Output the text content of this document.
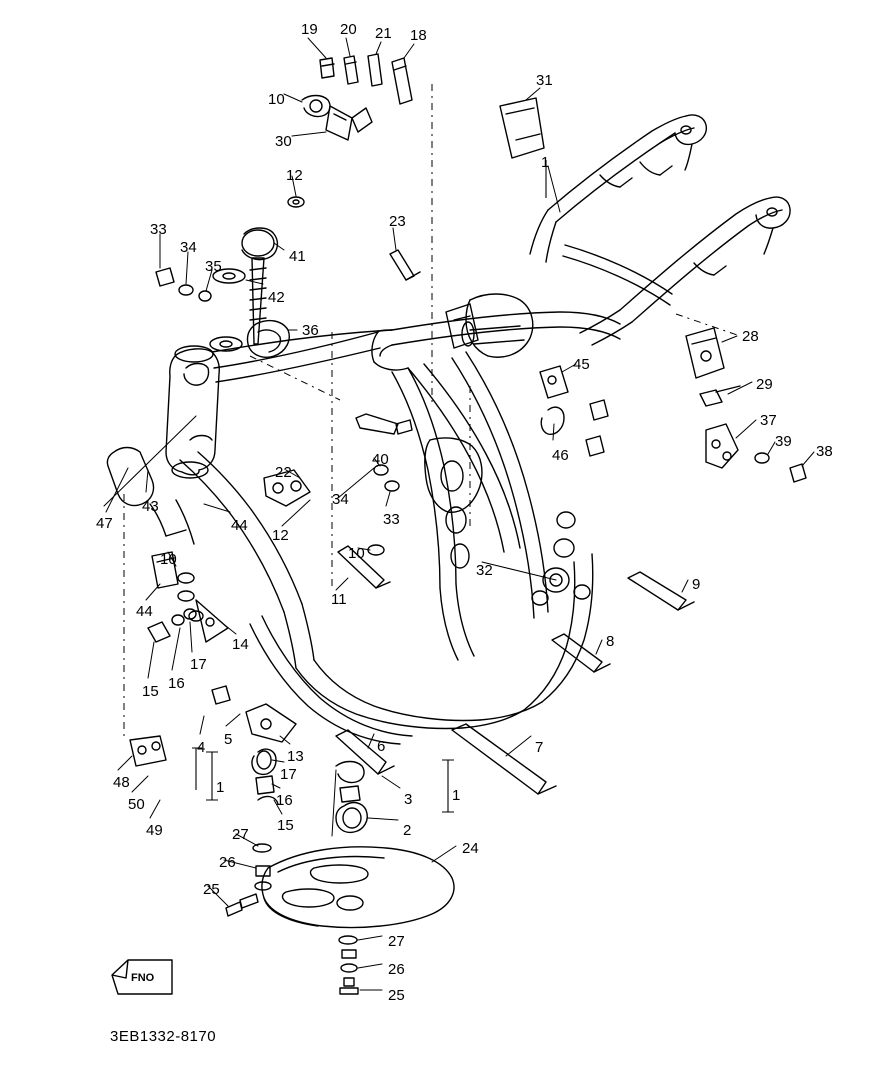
19 20 21 18
31
10
30
12
23
33
34
41
35
42
36	28
45
29
37
39
38
46
47
43
44
40
22
34
33
12
10
32
10
9
11
44
8
14
17
15 16
4 5
13
6	7
17
48
50	3
16
49	15	2
27
24
26
25
27
26
25
1
1	1
FNO
3EB1332-8170
